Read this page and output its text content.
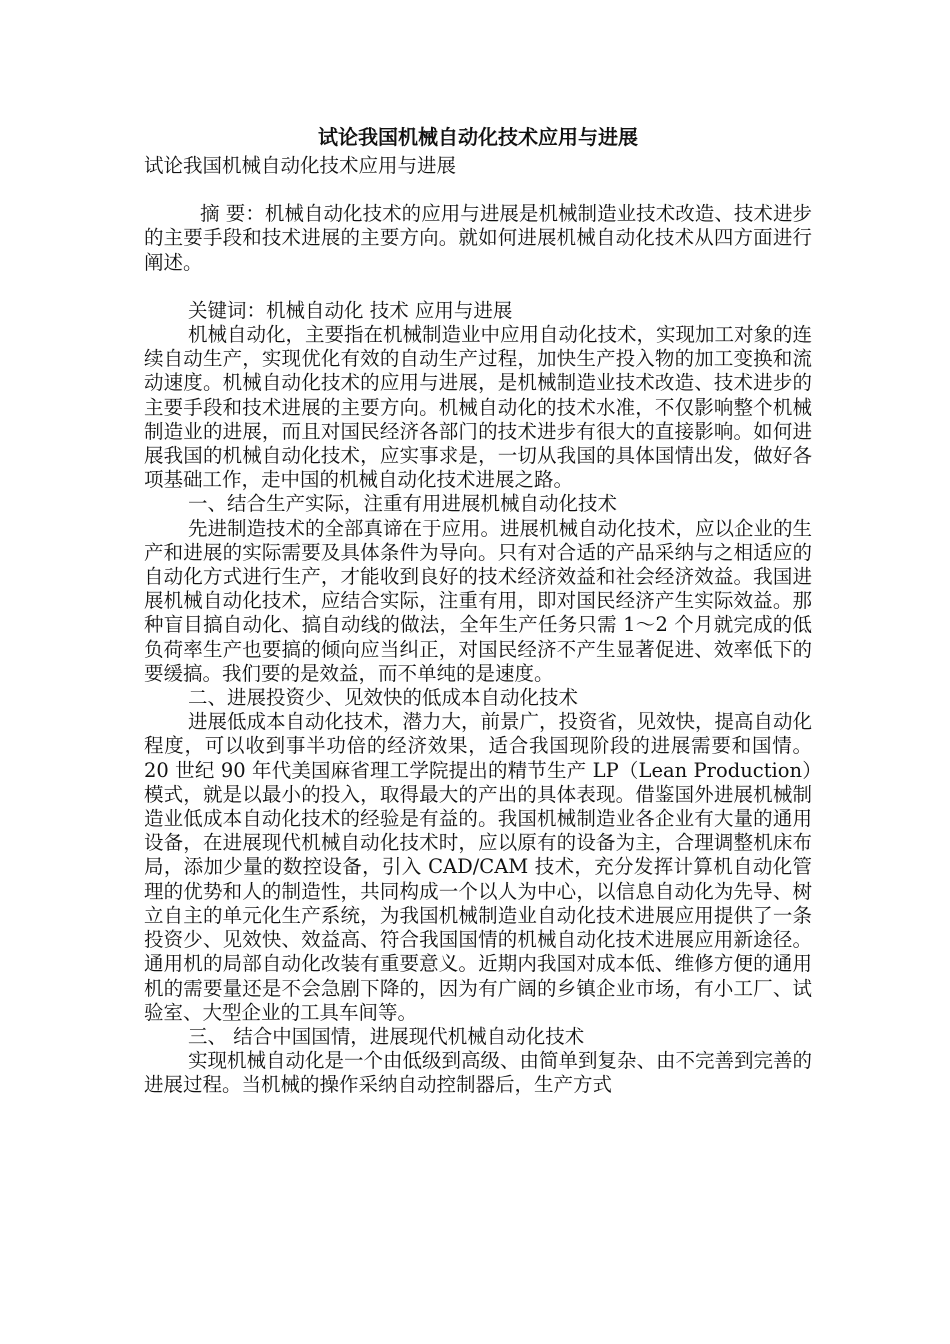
试论我国机械自动化技术应用与进展

试论我国机械自动化技术应用与进展

摘 要：机械自动化技术的应用与进展是机械制造业技术改造、技术进步的主要手段和技术进展的主要方向。就如何进展机械自动化技术从四方面进行阐述。

关键词：机械自动化 技术 应用与进展

机械自动化，主要指在机械制造业中应用自动化技术，实现加工对象的连续自动生产，实现优化有效的自动生产过程，加快生产投入物的加工变换和流动速度。机械自动化技术的应用与进展，是机械制造业技术改造、技术进步的主要手段和技术进展的主要方向。机械自动化的技术水准，不仅影响整个机械制造业的进展，而且对国民经济各部门的技术进步有很大的直接影响。如何进展我国的机械自动化技术，应实事求是，一切从我国的具体国情出发，做好各项基础工作，走中国的机械自动化技术进展之路。

一、结合生产实际，注重有用进展机械自动化技术

先进制造技术的全部真谛在于应用。进展机械自动化技术，应以企业的生产和进展的实际需要及具体条件为导向。只有对合适的产品采纳与之相适应的自动化方式进行生产，才能收到良好的技术经济效益和社会经济效益。我国进展机械自动化技术，应结合实际，注重有用，即对国民经济产生实际效益。那种盲目搞自动化、搞自动线的做法，全年生产任务只需 1～2 个月就完成的低负荷率生产也要搞的倾向应当纠正，对国民经济不产生显著促进、效率低下的要缓搞。我们要的是效益，而不单纯的是速度。

二、进展投资少、见效快的低成本自动化技术

进展低成本自动化技术，潜力大，前景广，投资省，见效快，提高自动化程度，可以收到事半功倍的经济效果，适合我国现阶段的进展需要和国情。20 世纪 90 年代美国麻省理工学院提出的精节生产 LP（Lean Production）模式，就是以最小的投入，取得最大的产出的具体表现。借鉴国外进展机械制造业低成本自动化技术的经验是有益的。我国机械制造业各企业有大量的通用设备，在进展现代机械自动化技术时，应以原有的设备为主，合理调整机床布局，添加少量的数控设备，引入 CAD/CAM 技术，充分发挥计算机自动化管理的优势和人的制造性，共同构成一个以人为中心，以信息自动化为先导、树立自主的单元化生产系统，为我国机械制造业自动化技术进展应用提供了一条投资少、见效快、效益高、符合我国国情的机械自动化技术进展应用新途径。通用机的局部自动化改装有重要意义。近期内我国对成本低、维修方便的通用机的需要量还是不会急剧下降的，因为有广阔的乡镇企业市场，有小工厂、试验室、大型企业的工具车间等。

三、 结合中国国情，进展现代机械自动化技术

实现机械自动化是一个由低级到高级、由简单到复杂、由不完善到完善的进展过程。当机械的操作采纳自动控制器后，生产方式
